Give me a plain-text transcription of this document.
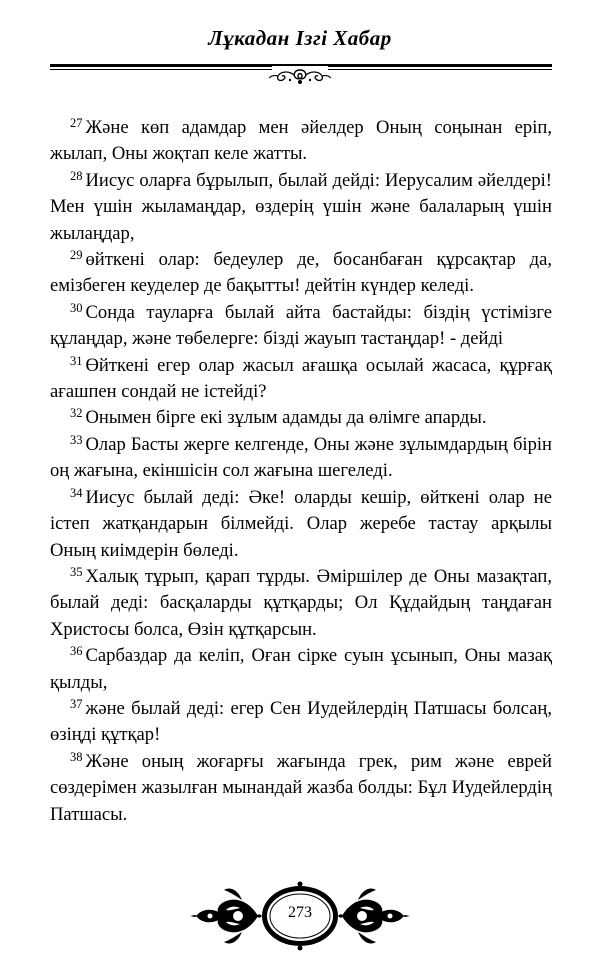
Лұкадан Ізгі Хабар

$^{27}$ Және көп адамдар мен әйелдер Оның соңынан еріп, жылап, Оны жоқтап келе жатты.

$^{28}$ Иисус оларға бұрылып, былай дейді: Иерусалим әйелдері! Мен үшін жыламаңдар, өздерің үшін және балаларың үшін жылаңдар,

$^{29}$ өйткені олар: бедеулер де, босанбаған құрсақтар да, емізбеген кеуделер де бақытты! дейтін күндер келеді.

$^{30}$ Сонда тауларға былай айта бастайды: біздің үстімізге құлаңдар, және төбелерге: бізді жауып тастаңдар! - дейді

$^{31}$ Өйткені егер олар жасыл ағашқа осылай жасаса, құрғақ ағашпен сондай не істейді?

$^{32}$ Онымен бірге екі зұлым адамды да өлімге апарды.

$^{33}$ Олар Басты жерге келгенде, Оны және зұлымдардың бірін оң жағына, екіншісін сол жағына шегеледі.

$^{34}$ Иисус былай деді: Әке! оларды кешір, өйткені олар не істеп жатқандарын білмейді. Олар жеребе тастау арқылы Оның киімдерін бөледі.

$^{35}$ Халық тұрып, қарап тұрды. Әміршілер де Оны мазақтап, былай деді: басқаларды құтқарды; Ол Құдайдың таңдаған Христосы болса, Өзін құтқарсын.

$^{36}$ Сарбаздар да келіп, Оған сірке суын ұсынып, Оны мазақ қылды,

$^{37}$ және былай деді: егер Сен Иудейлердің Патшасы болсаң, өзіңді құтқар!

$^{38}$ Және оның жоғарғы жағында грек, рим және еврей сөздерімен жазылған мынандай жазба болды: Бұл Иудейлердің Патшасы.

273
